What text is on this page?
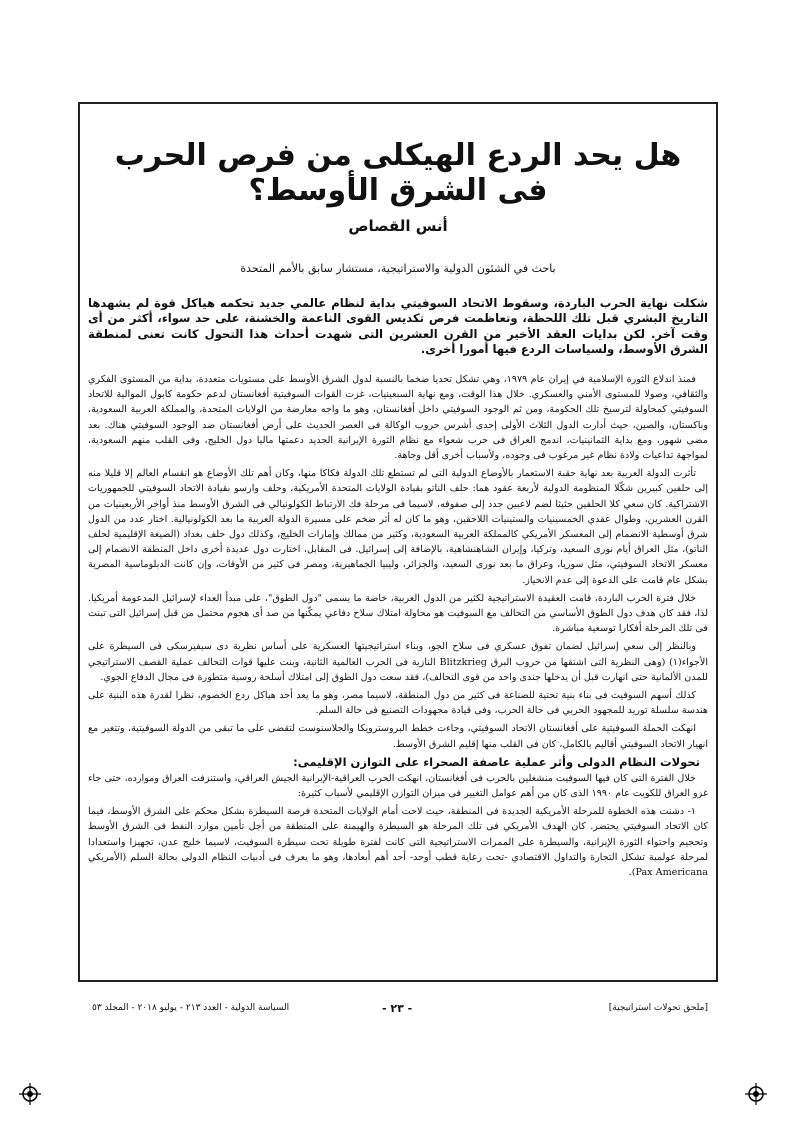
هل يحد الردع الهيكلى من فرص الحرب فى الشرق الأوسط؟
أنس القصاص
باحث في الشئون الدولية والاستراتيجية، مستشار سابق بالأمم المتحدة
شكلت نهاية الحرب الباردة، وسقوط الاتحاد السوفيتي بداية لنظام عالمي جديد تحكمه هياكل قوة لم يشهدها التاريخ البشري قبل تلك اللحظة، وتعاظمت فرص تكديس القوى الناعمة والخشنة، على حد سواء، أكثر من أى وقت آخر. لكن بدايات العقد الأخير من القرن العشرين التى شهدت أحداث هذا التحول كانت تعنى لمنطقة الشرق الأوسط، ولسياسات الردع فيها أمورا أخرى.

فمنذ اندلاع الثورة الإسلامية في إيران عام ١٩٧٩، وهي تشكل تحديا ضخما بالنسبة لدول الشرق الأوسط على مستويات متعددة، بداية من المستوى الفكري والثقافي، وصولا للمستوى الأمني والعسكري. خلال هذا الوقت، ومع نهاية السبعينيات، غزت القوات السوفيتية أفغانستان لدعم حكومة كابول الموالية للاتحاد السوفيتي كمحاولة لترسيخ تلك الحكومة، ومن ثم الوجود السوفيتي داخل أفغانستان، وهو ما واجه معارضة من الولايات المتحدة، والمملكة العربية السعودية، وباكستان، والصين، حيث أدارت الدول الثلاث الأولى إحدى أشرس حروب الوكالة فى العصر الحديث على أرض أفغانستان ضد الوجود السوفيتي هناك. بعد مضى شهور، ومع بداية الثمانينيات، اندمج العراق فى حرب شعواء مع نظام الثورة الإيرانية الجديد دعمتها ماليا دول الخليج، وفى القلب منهم السعودية، لمواجهة تداعيات ولادة نظام غير مرغوب فى وجوده، ولأسباب أخرى أقل وجاهة.

تأثرت الدولة العربية بعد نهاية حقبة الاستعمار بالأوضاع الدولية التى لم تستطع تلك الدولة فكاكا منها، وكان أهم تلك الأوضاع هو انقسام العالم إلا قليلا منه إلى حلفين كبيرين شكّلا المنظومة الدولية لأربعة عقود هما: حلف الناتو بقيادة الولايات المتحدة الأمريكية، وحلف وارسو بقيادة الاتحاد السوفيتي للجمهوريات الاشتراكية. كان سعي كلا الحلفين حثيثا لضم لاعبين جدد إلى صفوفه، لاسيما فى مرحلة فك الارتباط الكولونيالي فى الشرق الأوسط منذ أواخر الأربعينيات من القرن العشرين، وطوال عقدي الخمسينيات والستينيات اللاحقين، وهو ما كان له أثر ضخم على مسيرة الدولة العربية ما بعد الكولونيالية. اختار عدد من الدول شرق أوسطية الانضمام إلى المعسكر الأمريكي كالمملكة العربية السعودية، وكثير من ممالك وإمارات الخليج، وكذلك دول حلف بغداد (الصيغة الإقليمية لحلف الناتو)، مثل العراق أيام نورى السعيد، وتركيا، وإيران الشاهنشاهية، بالإضافة إلى إسرائيل. فى المقابل، اختارت دول عديدة أخرى داخل المنطقة الانضمام إلى معسكر الاتحاد السوفيتي، مثل سوريا، وعراق ما بعد نورى السعيد، والجزائر، وليبيا الجماهيرية، ومصر فى كثير من الأوقات، وإن كانت الدبلوماسية المصرية بشكل عام قامت على الدعوة إلى عدم الانحياز.

خلال فترة الحرب الباردة، قامت العقيدة الاستراتيجية لكثير من الدول العربية، خاصة ما يسمى "دول الطوق"، على مبدأ العداء لإسرائيل المدعومة أمريكيا. لذا، فقد كان هدف دول الطوق الأساسي من التحالف مع السوفيت هو محاولة امتلاك سلاح دفاعي يمكّنها من صد أى هجوم محتمل من قبل إسرائيل التى تبنت فى تلك المرحلة أفكارا توسعية مباشرة.

وبالنظر إلى سعي إسرائيل لضمان تفوق عسكري فى سلاح الجو، وبناء استراتيجيتها العسكرية على أساس نظرية دى سيفيرسكى فى السيطرة على الأجواء(١) (وهى النظرية التى اشتقها من حروب البرق Blitzkrieg النازية فى الحرب العالمية الثانية، وبنت عليها قوات التحالف عملية القصف الاستراتيجي للمدن الألمانية حتى انهارت قبل أن يدخلها جندى واحد من قوى التحالف)، فقد سعت دول الطوق إلى امتلاك أسلحة روسية متطورة فى مجال الدفاع الجوي.

كذلك أسهم السوفيت فى بناء بنية تحتية للصناعة فى كثير من دول المنطقة، لاسيما مصر، وهو ما يعد أحد هياكل ردع الخصوم، نظرا لقدرة هذه البنية على هندسة سلسلة توريد للمجهود الحربي فى حالة الحرب، وفى قيادة مجهودات التصنيع فى حالة السلم.

انهكت الحملة السوفيتية على أفغانستان الاتحاد السوفيتي، وجاءت خطط البروسترويكا والجلاسنوست لتقضى على ما تبقى من الدولة السوفيتية، وتتغير مع انهيار الاتحاد السوفيتي أقاليم بالكامل، كان فى القلب منها إقليم الشرق الأوسط.

تحولات النظام الدولى وأثر عملية عاصفة الصحراء على التوازن الإقليمى:

خلال الفترة التى كان فيها السوفيت منشغلين بالحرب فى أفغانستان، انهكت الحرب العراقية-الإيرانية الجيش العراقي، واستنزفت العراق وموارده، حتى جاء غزو العراق للكويت عام ١٩٩٠ الذى كان من أهم عوامل التغيير فى ميزان التوازن الإقليمي لأسباب كثيرة:

١- دشنت هذه الخطوة للمرحلة الأمريكية الجديدة فى المنطقة، حيث لاحت أمام الولايات المتحدة فرصة السيطرة بشكل محكم على الشرق الأوسط، فيما كان الاتحاد السوفيتي يحتضر. كان الهدف الأمريكي فى تلك المرحلة هو السيطرة والهيمنة على المنطقة من أجل تأمين موارد النفط فى الشرق الأوسط وتحجيم واحتواء الثورة الإيرانية، والسيطرة على الممرات الاستراتيجية التى كانت لفترة طويلة تحت سيطرة السوفيت، لاسيما خليج عدن، تجهيزا واستعدادا لمرحلة عولمية تشكل التجارة والتداول الاقتصادي -تحت رعاية قطب أوحد- أحد أهم أبعادها، وهو ما يعرف فى أدبيات النظام الدولى بحالة السلم (الأمريكي Pax Americana).

[ملحق تحولات استراتيجية]
- ٢٣ -
السياسة الدولية - العدد ٢١٣ - يوليو ٢٠١٨ - المجلد ٥٣
